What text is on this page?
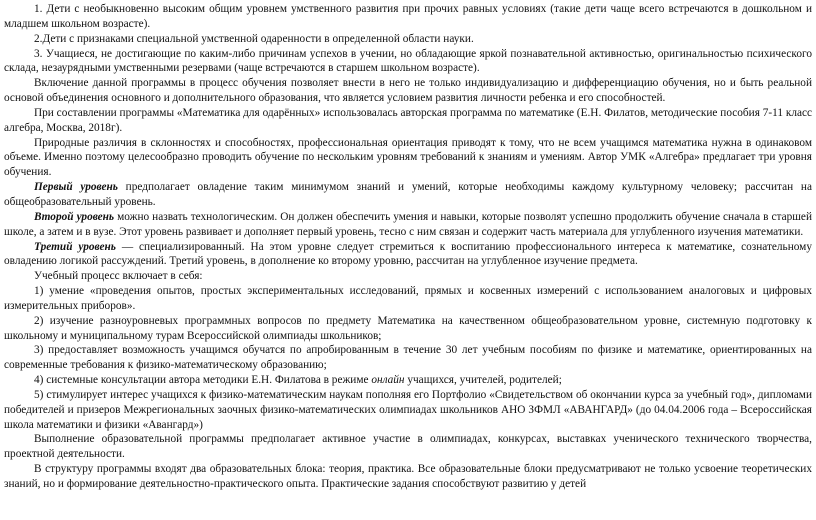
1. Дети с необыкновенно высоким общим уровнем умственного развития при прочих равных условиях (такие дети чаще всего встречаются в дошкольном и младшем школьном возрасте).

2.Дети с признаками специальной умственной одаренности в определенной области науки.

3. Учащиеся, не достигающие по каким-либо причинам успехов в учении, но обладающие яркой познавательной активностью, оригинальностью психического склада, незаурядными умственными резервами (чаще встречаются в старшем школьном возрасте).

Включение данной программы в процесс обучения позволяет внести в него не только индивидуализацию и дифференциацию обучения, но и быть реальной основой объединения основного и дополнительного образования, что является условием развития личности ребенка и его способностей.

При составлении программы «Математика для одарённых» использовалась авторская программа по математике (Е.Н. Филатов, методические пособия 7-11 класс алгебра, Москва, 2018г).

Природные различия в склонностях и способностях, профессиональная ориентация приводят к тому, что не всем учащимся математика нужна в одинаковом объеме. Именно поэтому целесообразно проводить обучение по нескольким уровням требований к знаниям и умениям. Автор УМК «Алгебра» предлагает три уровня обучения.

Первый уровень предполагает овладение таким минимумом знаний и умений, которые необходимы каждому культурному человеку; рассчитан на общеобразовательный уровень.

Второй уровень можно назвать технологическим. Он должен обеспечить умения и навыки, которые позволят успешно продолжить обучение сначала в старшей школе, а затем и в вузе. Этот уровень развивает и дополняет первый уровень, тесно с ним связан и содержит часть материала для углубленного изучения математики.

Третий уровень — специализированный. На этом уровне следует стремиться к воспитанию профессионального интереса к математике, сознательному овладению логикой рассуждений. Третий уровень, в дополнение ко второму уровню, рассчитан на углубленное изучение предмета.

Учебный процесс включает в себя:

1) умение «проведения опытов, простых экспериментальных исследований, прямых и косвенных измерений с использованием аналоговых и цифровых измерительных приборов».

2) изучение разноуровневых программных вопросов по предмету Математика на качественном общеобразовательном уровне, системную подготовку к школьному и муниципальному турам Всероссийской олимпиады школьников;

3) предоставляет возможность учащимся обучатся по апробированным в течение 30 лет учебным пособиям по физике и математике, ориентированных на современные требования к физико-математическому образованию;

4) системные консультации автора методики Е.Н. Филатова в режиме онлайн учащихся, учителей, родителей;

5) стимулирует интерес учащихся к физико-математическим наукам пополняя его Портфолио «Свидетельством об окончании курса за учебный год», дипломами победителей и призеров Межрегиональных заочных физико-математических олимпиадах школьников АНО ЗФМЛ «АВАНГАРД» (до 04.04.2006 года – Всероссийская школа математики и физики «Авангард»)

Выполнение образовательной программы предполагает активное участие в олимпиадах, конкурсах, выставках ученического технического творчества, проектной деятельности.

В структуру программы входят два образовательных блока: теория, практика. Все образовательные блоки предусматривают не только усвоение теоретических знаний, но и формирование деятельностно-практического опыта. Практические задания способствуют развитию у детей
